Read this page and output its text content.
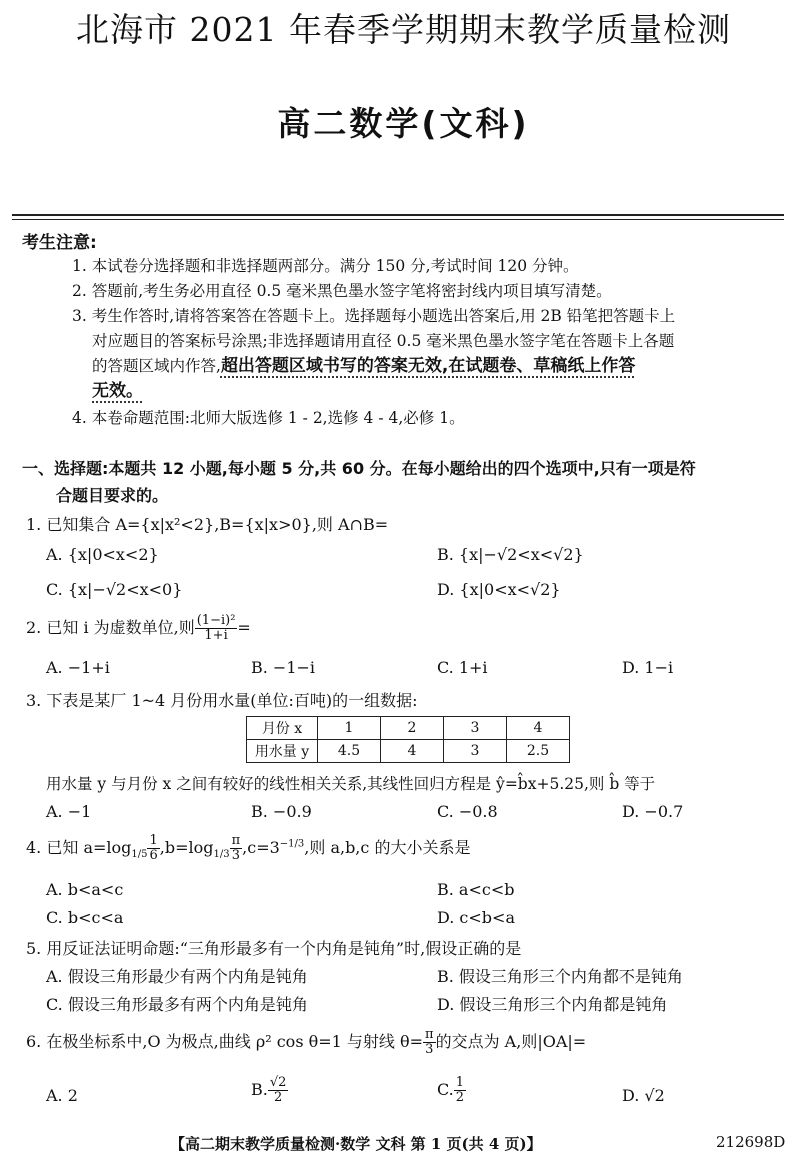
北海市 2021 年春季学期期末教学质量检测
高二数学(文科)
考生注意:
1. 本试卷分选择题和非选择题两部分。满分 150 分,考试时间 120 分钟。
2. 答题前,考生务必用直径 0.5 毫米黑色墨水签字笔将密封线内项目填写清楚。
3. 考生作答时,请将答案答在答题卡上。选择题每小题选出答案后,用 2B 铅笔把答题卡上
对应题目的答案标号涂黑;非选择题请用直径 0.5 毫米黑色墨水签字笔在答题卡上各题
的答题区域内作答,超出答题区域书写的答案无效,在试题卷、草稿纸上作答
无效。
4. 本卷命题范围:北师大版选修 1 - 2,选修 4 - 4,必修 1。
一、选择题:本题共 12 小题,每小题 5 分,共 60 分。在每小题给出的四个选项中,只有一项是符
合题目要求的。
1. 已知集合 A={x|x²<2},B={x|x>0},则 A∩B=
A. {x|0<x<2}	B. {x|−√2<x<√2}
C. {x|−√2<x<0}	D. {x|0<x<√2}
2. 已知 i 为虚数单位,则 $\frac{\text{(1−i)²}}{1+i}$ =
A. −1+i	B. −1−i	C. 1+i	D. 1−i
3. 下表是某厂 1~4 月份用水量(单位:百吨)的一组数据:
月份 x	1	2	3	4
用水量 y	4.5	4	3	2.5
用水量 y 与月份 x 之间有较好的线性相关关系,其线性回归方程是 ŷ=b̂x+5.25,则 b̂ 等于
A. −1	B. −0.9	C. −0.8	D. −0.7
4. 已知 $a=\log_{1/5} \frac{1}{6} ,b=\log_{1/3} \frac{\pi}{3} ,c=3^{-1/3}$,则 a,b,c 的大小关系是
A. b<a<c	B. a<c<b
C. b<c<a	D. c<b<a
5. 用反证法证明命题:“三角形最多有一个内角是钝角”时,假设正确的是
A. 假设三角形最少有两个内角是钝角	B. 假设三角形三个内角都不是钝角
C. 假设三角形最多有两个内角是钝角	D. 假设三角形三个内角都是钝角
6. 在极坐标系中,O 为极点,曲线 ρ² cos θ=1 与射线 $\theta= \frac{\pi}{3}$ 的交点为 A,则|OA|=
A. 2	B. $\frac{√2}{2}$	C. $\frac{1}{2}$	D. √2
【高二期末教学质量检测·数学 文科 第 1 页(共 4 页)】	212698D
